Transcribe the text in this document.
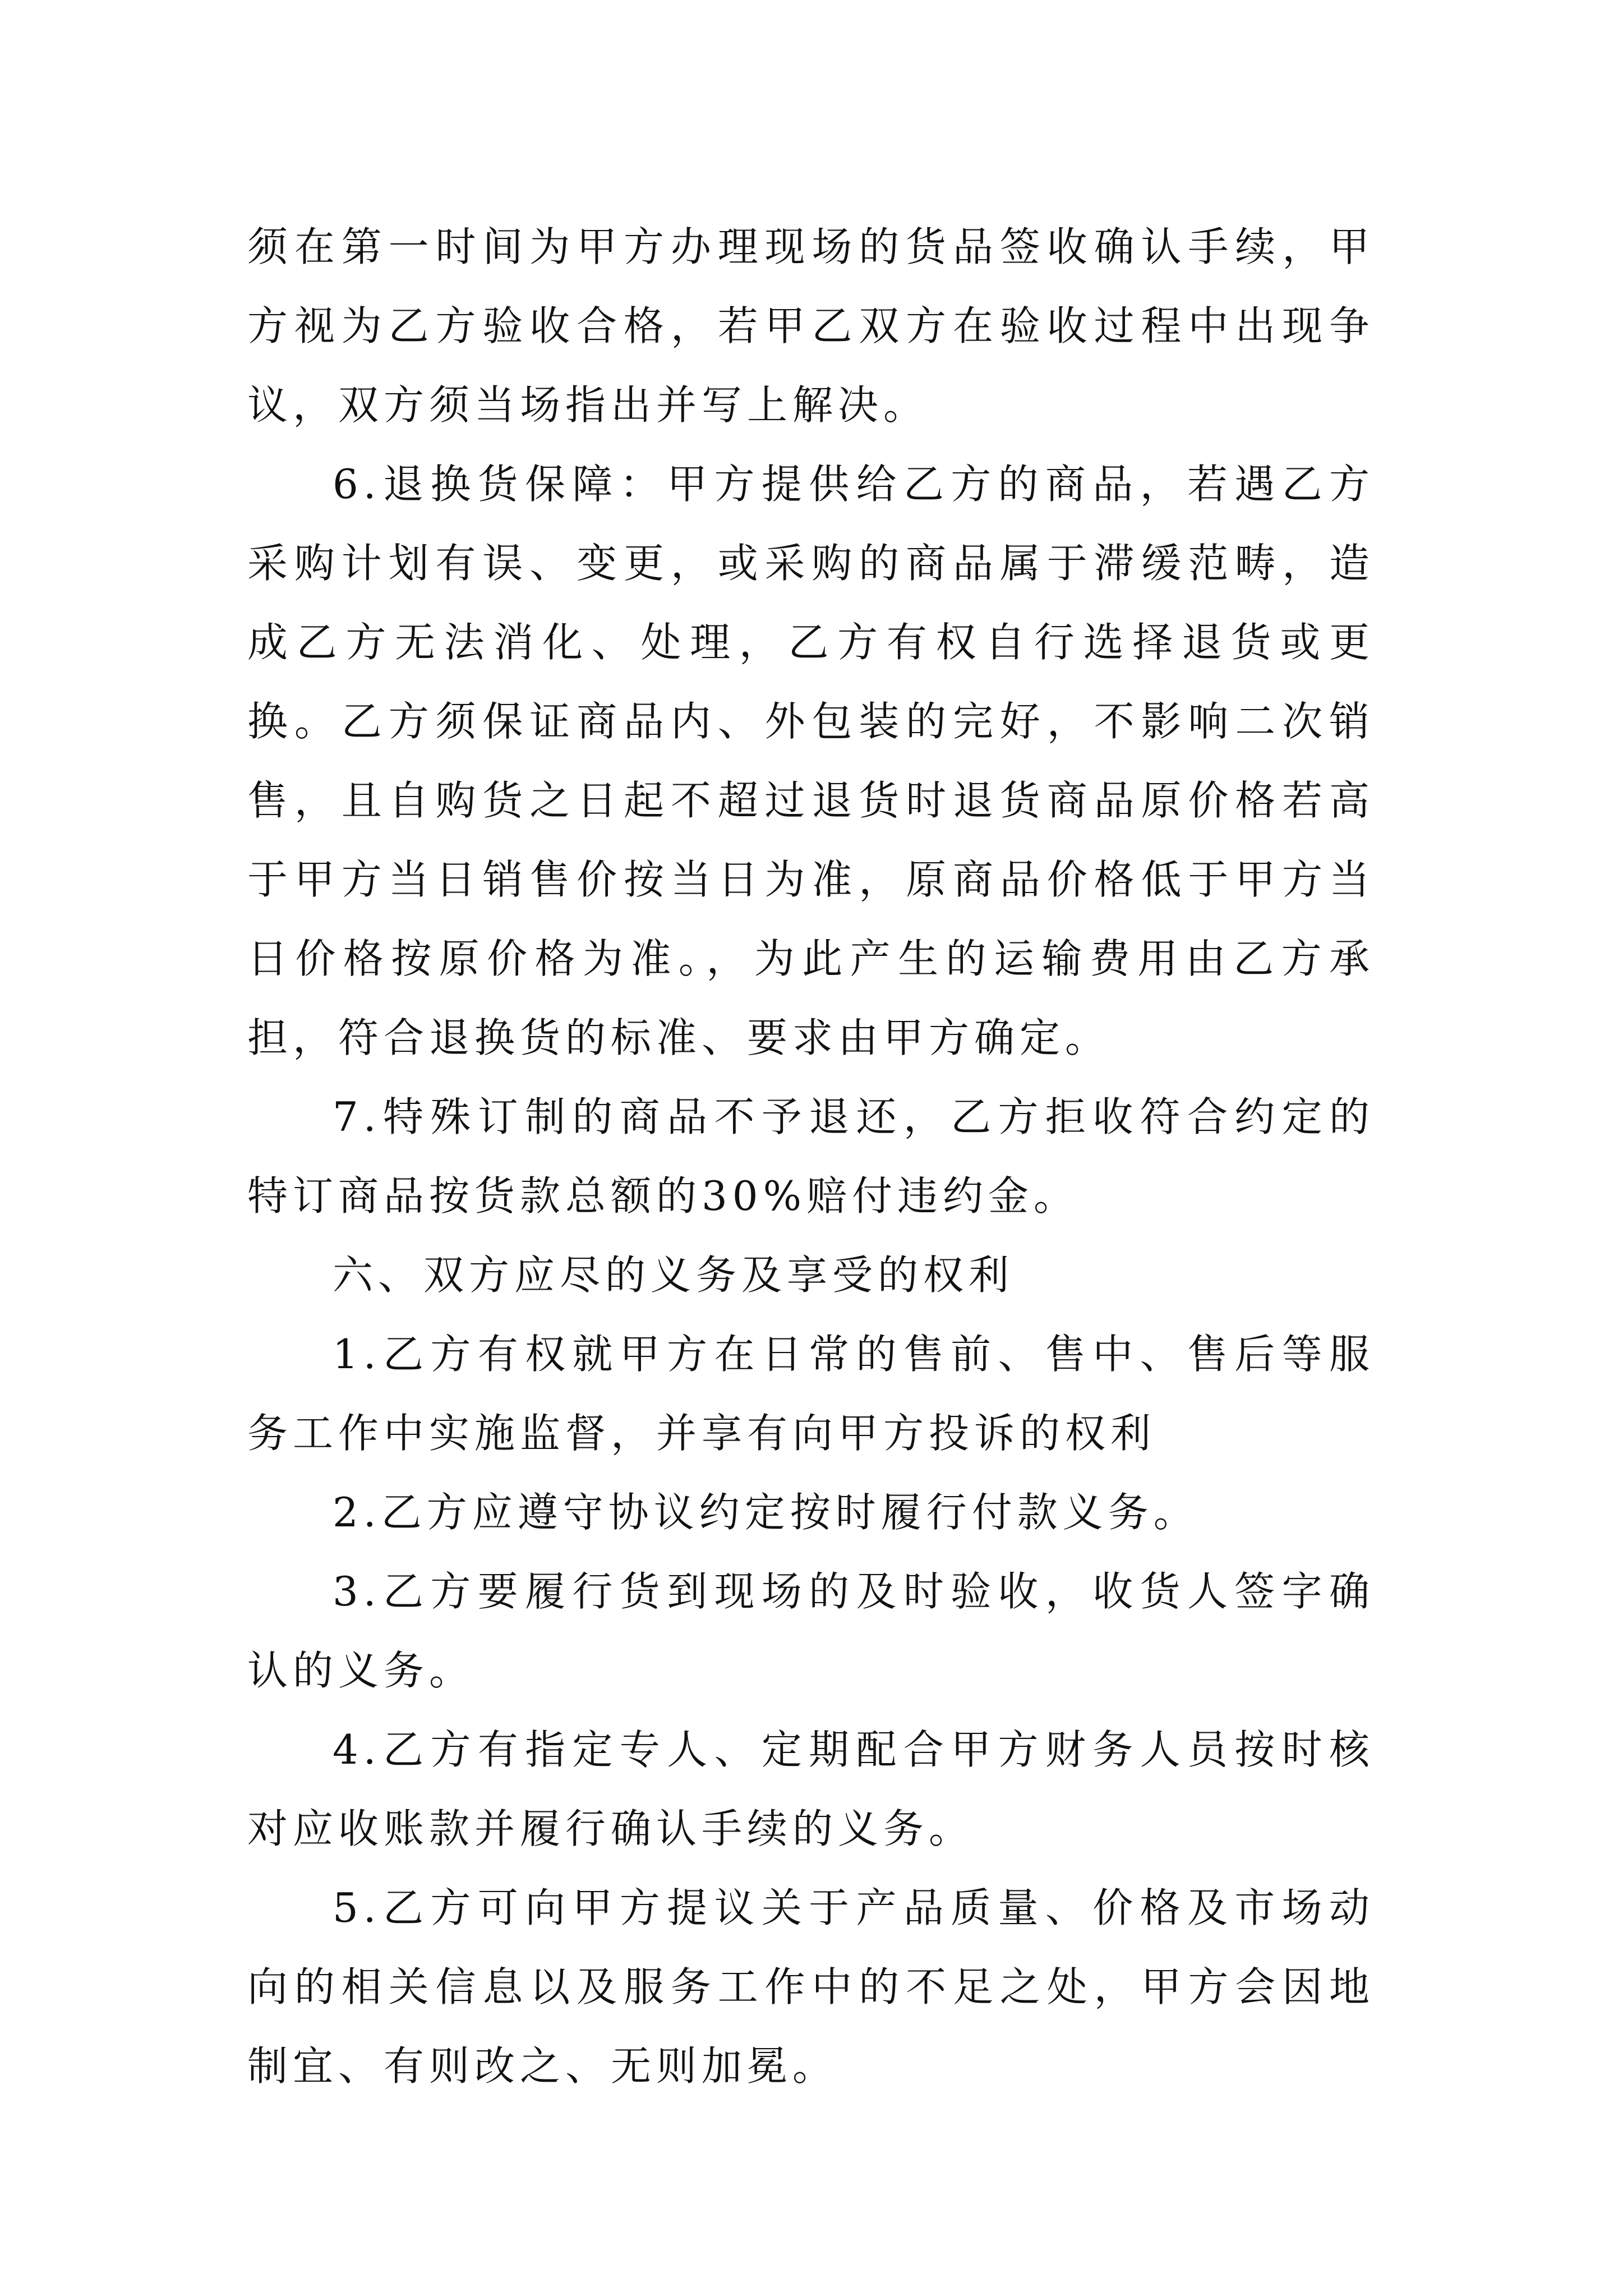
须在第一时间为甲方办理现场的货品签收确认手续，甲方视为乙方验收合格，若甲乙双方在验收过程中出现争议，双方须当场指出并写上解决。

6.退换货保障：甲方提供给乙方的商品，若遇乙方采购计划有误、变更，或采购的商品属于滞缓范畴，造成乙方无法消化、处理，乙方有权自行选择退货或更换。乙方须保证商品内、外包装的完好，不影响二次销售，且自购货之日起不超过退货时退货商品原价格若高于甲方当日销售价按当日为准，原商品价格低于甲方当日价格按原价格为准。，为此产生的运输费用由乙方承担，符合退换货的标准、要求由甲方确定。

7.特殊订制的商品不予退还，乙方拒收符合约定的特订商品按货款总额的30%赔付违约金。

六、双方应尽的义务及享受的权利

1.乙方有权就甲方在日常的售前、售中、售后等服务工作中实施监督，并享有向甲方投诉的权利

2.乙方应遵守协议约定按时履行付款义务。

3.乙方要履行货到现场的及时验收，收货人签字确认的义务。

4.乙方有指定专人、定期配合甲方财务人员按时核对应收账款并履行确认手续的义务。

5.乙方可向甲方提议关于产品质量、价格及市场动向的相关信息以及服务工作中的不足之处，甲方会因地制宜、有则改之、无则加冕。
